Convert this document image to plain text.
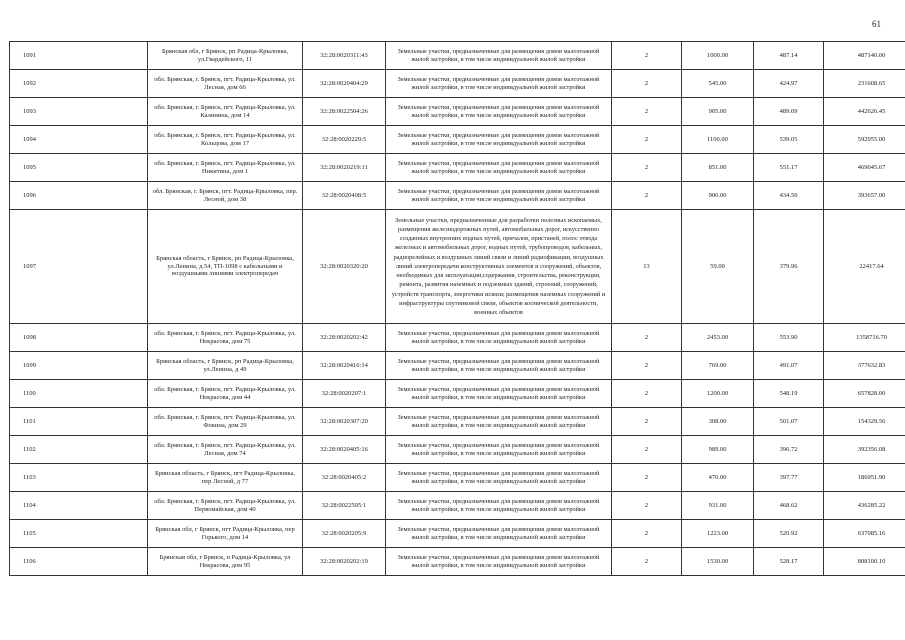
61
1091	Брянская обл, г Брянск, рп Радица-Крыловка, ул.Гвардейского, 11	32:28:0020311:43	Земельные участки, предназначенные для размещения домов малоэтажной жилой застройки, в том числе индивидуальной жилой застройки	2	1000.00	487.14	487140.00
1092	обл. Брянская, г. Брянск, пгт. Радица-Крыловка, ул. Лесная, дом 66	32:28:0020404:29	Земельные участки, предназначенные для размещения домов малоэтажной жилой застройки, в том числе индивидуальной жилой застройки	2	545.00	424.97	231608.65
1093	обл. Брянская, г. Брянск, пгт. Радица-Крыловка, ул. Калинина, дом 14	32:28:0022504:26	Земельные участки, предназначенные для размещения домов малоэтажной жилой застройки, в том числе индивидуальной жилой застройки	2	905.00	489.09	442626.45
1094	обл. Брянская, г. Брянск, пгт. Радица-Крыловка, ул. Кольцова, дом 17	32:28:0020229:5	Земельные участки, предназначенные для размещения домов малоэтажной жилой застройки, в том числе индивидуальной жилой застройки	2	1100.00	539.05	592955.00
1095	обл. Брянская, г. Брянск, пгт. Радица-Крыловка, ул. Никитина, дом 1	32:28:0020219:11	Земельные участки, предназначенные для размещения домов малоэтажной жилой застройки, в том числе индивидуальной жилой застройки	2	851.00	551.17	469045.67
1096	обл. Брянская, г. Брянск, пгт. Радица-Крыловка, пер. Лесной, дом 38	32:28:0020408:5	Земельные участки, предназначенные для размещения домов малоэтажной жилой застройки, в том числе индивидуальной жилой застройки	2	906.00	434.50	393657.00
1097	Брянская область, г Брянск, рп Радица-Крыловка, ул.Ленина, д.54, ТП-1098 с кабельными и воздушными линиями электропередач	32:28:0020320:20	Земельные участки, предназначенные для разработки полезных ископаемых, размещения железнодорожных путей, автомобильных дорог, искусственно созданных внутренних водных путей, причалов, пристаней, полос отвода железных и автомобильных дорог, водных путей, трубопроводов, кабельных, радиорелейных и воздушных линий связи и линий радиофикации, воздушных линий электропередачи конструктивных элементов и сооружений, объектов, необходимых для эксплуатации,содержания, строительства, реконструкции, ремонта, развития наземных и подземных зданий, строений, сооружений, устройств транспорта, энергетики исвязи; размещения наземных сооружений и инфраструктуры спутниковой связи, объектов космической деятельности, военных объектов	13	59.00	379.96	22417.64
1098	обл. Брянская, г. Брянск, пгт. Радица-Крыловка, ул. Некрасова, дом 75	32:28:0020202:42	Земельные участки, предназначенные для размещения домов малоэтажной жилой застройки, в том числе индивидуальной жилой застройки	2	2453.00	553.90	1358716.70
1099	Брянская область, г Брянск, рп Радица-Крыловка, ул.Ленина, д 49	32:28:0020416:14	Земельные участки, предназначенные для размещения домов малоэтажной жилой застройки, в том числе индивидуальной жилой застройки	2	769.00	491.07	377632.83
1100	обл. Брянская, г. Брянск, пгт. Радица-Крыловка, ул. Некрасова, дом 44	32:28:0020207:1	Земельные участки, предназначенные для размещения домов малоэтажной жилой застройки, в том числе индивидуальной жилой застройки	2	1200.00	548.19	657828.00
1101	обл. Брянская, г. Брянск, пгт. Радица-Крыловка, ул. Фокина, дом 29	32:28:0020307:20	Земельные участки, предназначенные для размещения домов малоэтажной жилой застройки, в том числе индивидуальной жилой застройки	2	308.00	501.07	154329.56
1102	обл. Брянская, г. Брянск, пгт. Радица-Крыловка, ул. Лесная, дом 74	32:28:0020405:16	Земельные участки, предназначенные для размещения домов малоэтажной жилой застройки, в том числе индивидуальной жилой застройки	2	989.00	396.72	392356.08
1103	Брянская область, г Брянск, пгт Радица-Крыловка, пер Лесной, д 77	32:28:0020405:2	Земельные участки, предназначенные для размещения домов малоэтажной жилой застройки, в том числе индивидуальной жилой застройки	2	470.00	397.77	186951.90
1104	обл. Брянская, г. Брянск, пгт. Радица-Крыловка, ул. Первомайская, дом 40	32:28:0022505:1	Земельные участки, предназначенные для размещения домов малоэтажной жилой застройки, в том числе индивидуальной жилой застройки	2	931.00	468.62	436285.22
1105	Брянская обл, г Брянск, пгт Радица-Крыловка, пер Горького, дом 14	32:28:0020205:9	Земельные участки, предназначенные для размещения домов малоэтажной жилой застройки, в том числе индивидуальной жилой застройки	2	1223.00	520.92	637085.16
1106	Брянская обл, г Брянск, п Радица-Крыловка, ул Некрасова, дом 95	32:28:0020202:19	Земельные участки, предназначенные для размещения домов малоэтажной жилой застройки, в том числе индивидуальной жилой застройки	2	1530.00	528.17	808100.10
